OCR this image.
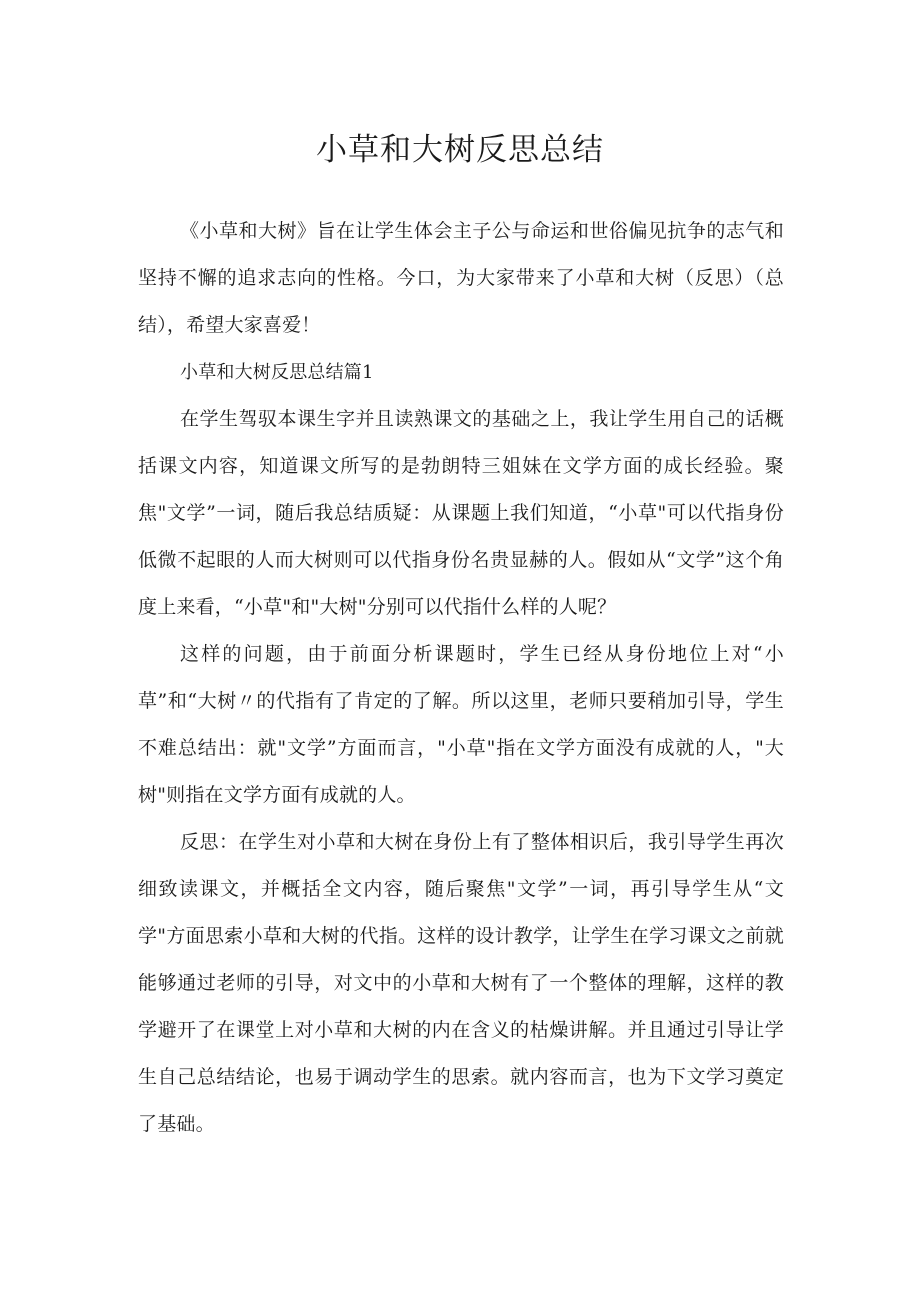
小草和大树反思总结

《小草和大树》旨在让学生体会主子公与命运和世俗偏见抗争的志气和坚持不懈的追求志向的性格。今口，为大家带来了小草和大树（反思）（总结），希望大家喜爱！

小草和大树反思总结篇1

在学生驾驭本课生字并且读熟课文的基础之上，我让学生用自己的话概括课文内容，知道课文所写的是勃朗特三姐妹在文学方面的成长经验。聚焦"文学”一词，随后我总结质疑：从课题上我们知道，“小草"可以代指身份低微不起眼的人而大树则可以代指身份名贵显赫的人。假如从“文学”这个角度上来看，“小草"和"大树"分别可以代指什么样的人呢？

这样的问题，由于前面分析课题时，学生已经从身份地位上对“小草”和“大树〃的代指有了肯定的了解。所以这里，老师只要稍加引导，学生不难总结出：就"文学”方面而言，"小草"指在文学方面没有成就的人，"大树"则指在文学方面有成就的人。

反思：在学生对小草和大树在身份上有了整体相识后，我引导学生再次细致读课文，并概括全文内容，随后聚焦"文学”一词，再引导学生从“文学"方面思索小草和大树的代指。这样的设计教学，让学生在学习课文之前就能够通过老师的引导，对文中的小草和大树有了一个整体的理解，这样的教学避开了在课堂上对小草和大树的内在含义的枯燥讲解。并且通过引导让学生自己总结结论，也易于调动学生的思索。就内容而言，也为下文学习奠定了基础。
